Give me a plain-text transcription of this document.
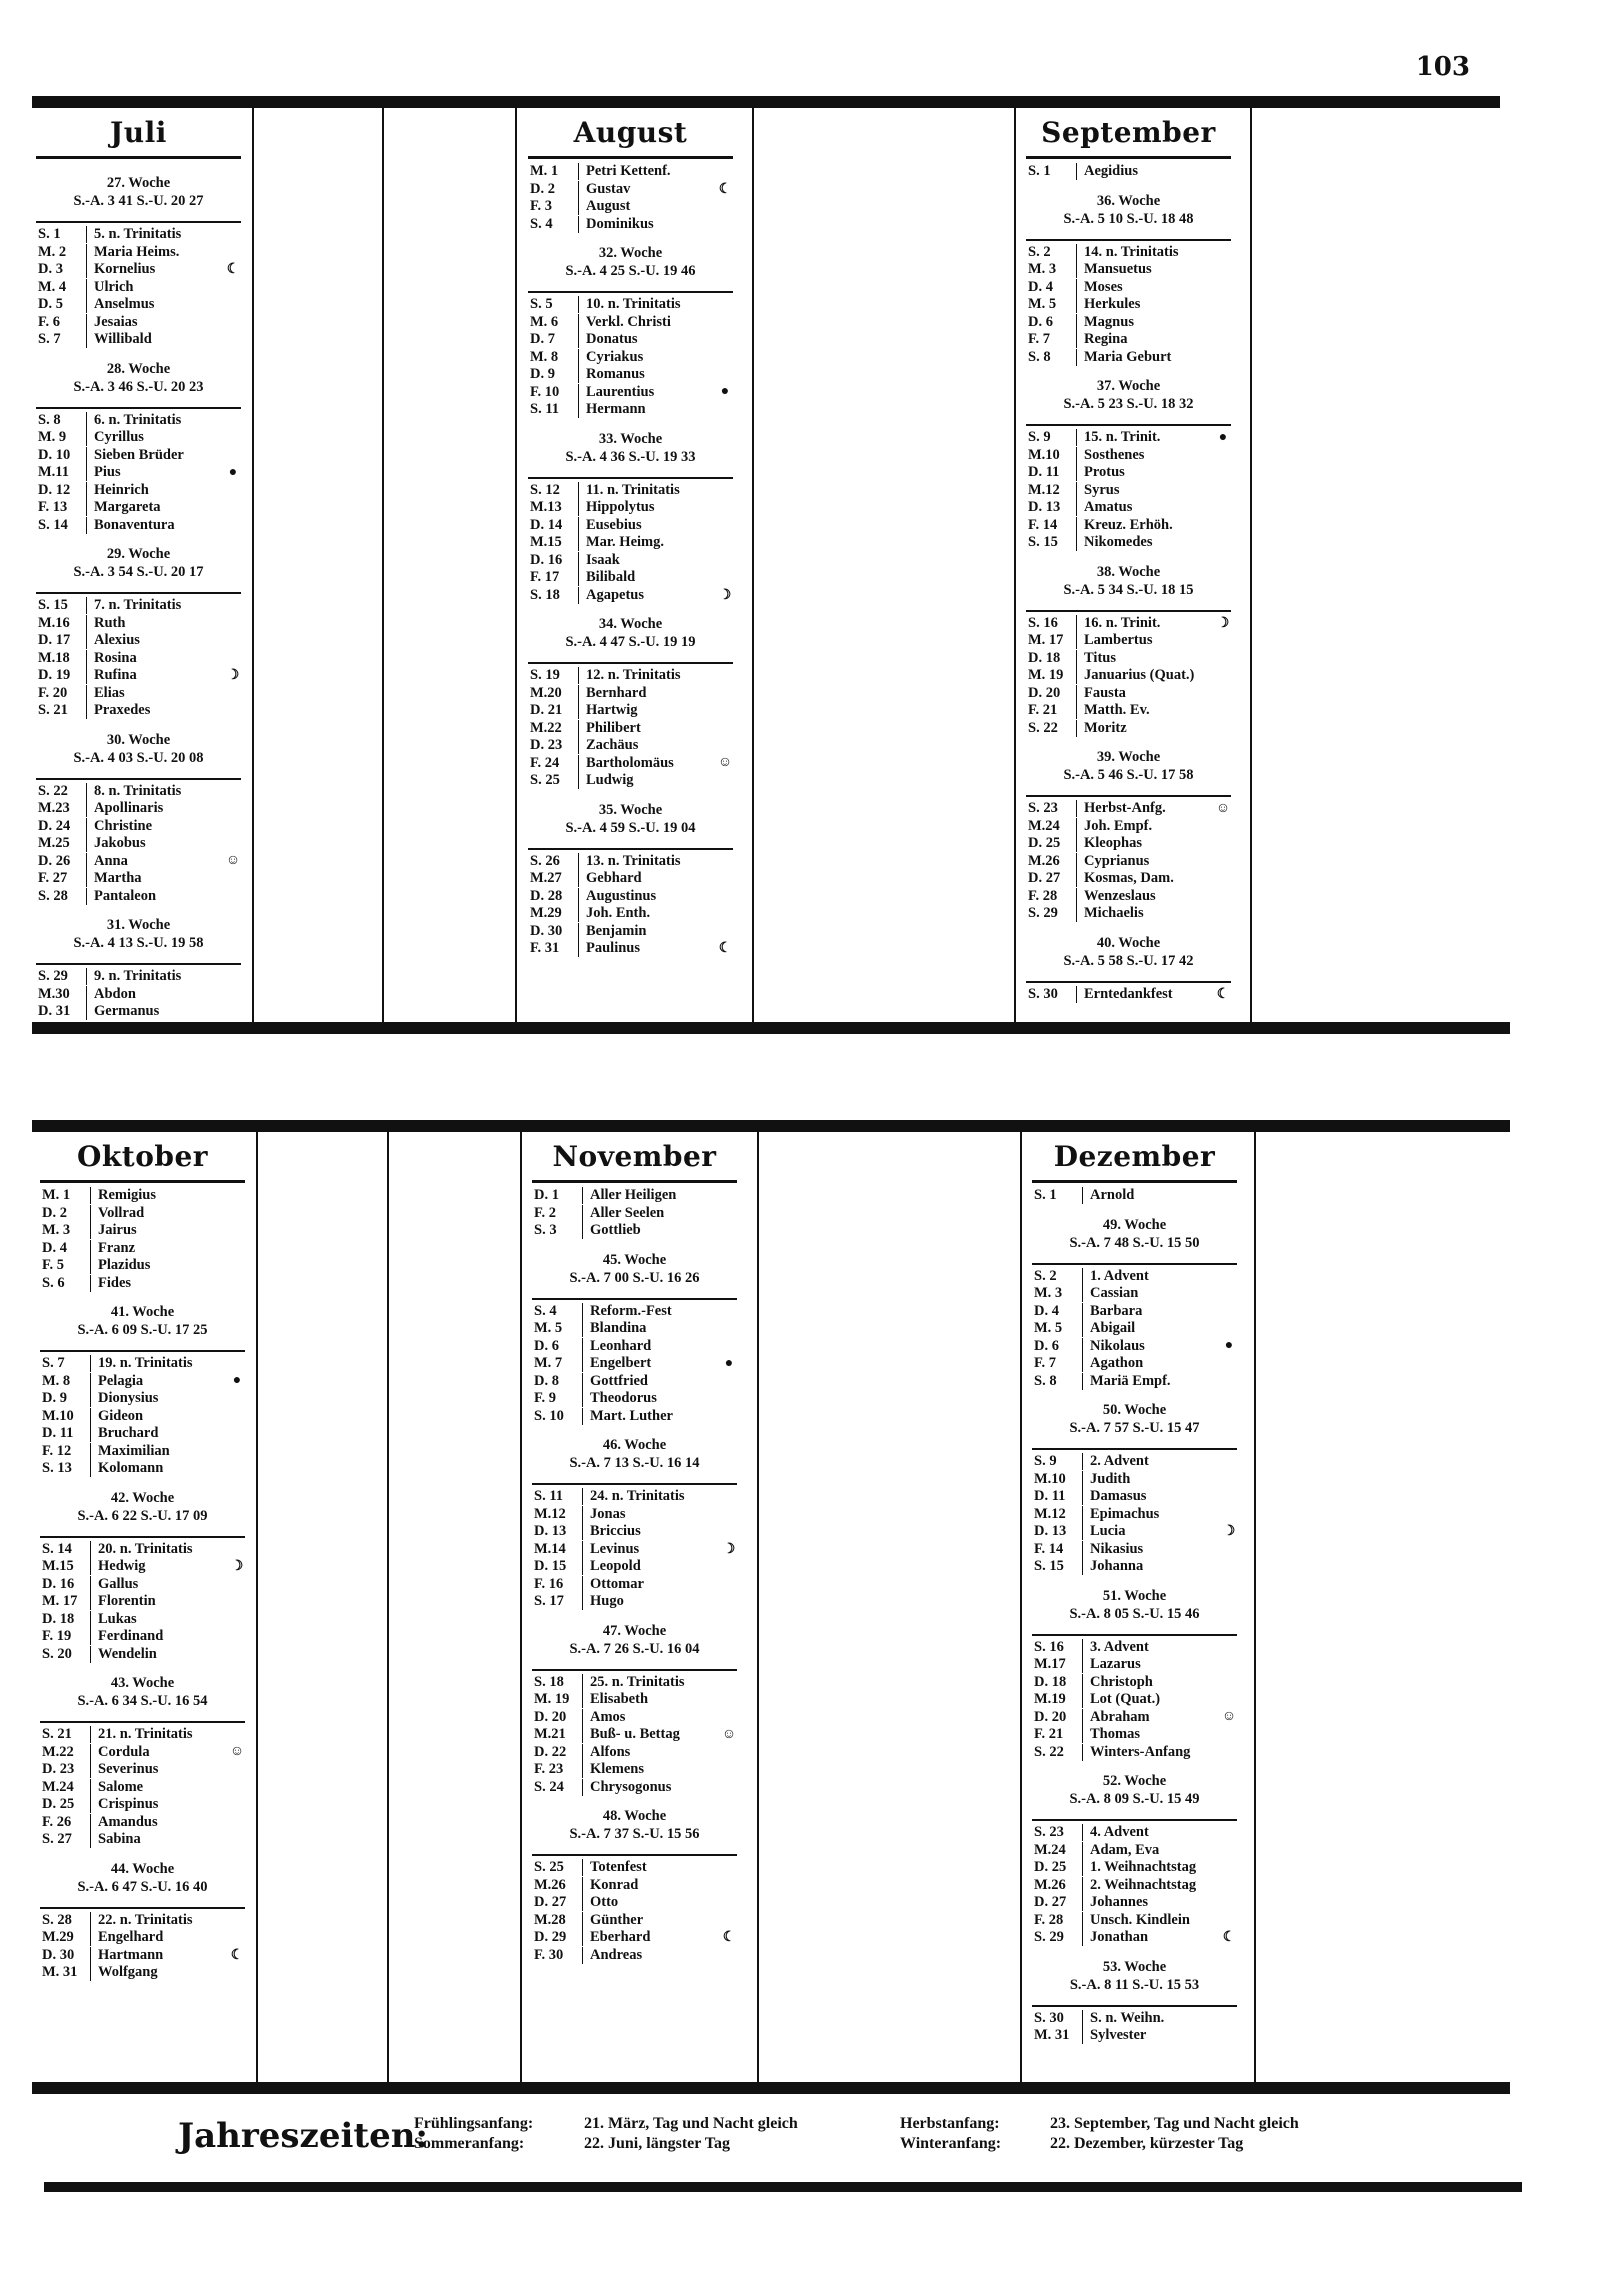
103
Juli
27. Woche
S.-A. 3 41 S.-U. 20 27
S. 1	5. n. Trinitatis
M. 2	Maria Heims.
D. 3	Kornelius	☾
M. 4	Ulrich
D. 5	Anselmus
F. 6	Jesaias
S. 7	Willibald
28. Woche
S.-A. 3 46 S.-U. 20 23
S. 8	6. n. Trinitatis
M. 9	Cyrillus
D. 10	Sieben Brüder
M.11	Pius	●
D. 12	Heinrich
F. 13	Margareta
S. 14	Bonaventura
29. Woche
S.-A. 3 54 S.-U. 20 17
S. 15	7. n. Trinitatis
M.16	Ruth
D. 17	Alexius
M.18	Rosina
D. 19	Rufina	☽
F. 20	Elias
S. 21	Praxedes
30. Woche
S.-A. 4 03 S.-U. 20 08
S. 22	8. n. Trinitatis
M.23	Apollinaris
D. 24	Christine
M.25	Jakobus
D. 26	Anna	☺
F. 27	Martha
S. 28	Pantaleon
31. Woche
S.-A. 4 13 S.-U. 19 58
S. 29	9. n. Trinitatis
M.30	Abdon
D. 31	Germanus
August
M. 1	Petri Kettenf.
D. 2	Gustav	☾
F. 3	August
S. 4	Dominikus
32. Woche
S.-A. 4 25 S.-U. 19 46
S. 5	10. n. Trinitatis
M. 6	Verkl. Christi
D. 7	Donatus
M. 8	Cyriakus
D. 9	Romanus
F. 10	Laurentius	●
S. 11	Hermann
33. Woche
S.-A. 4 36 S.-U. 19 33
S. 12	11. n. Trinitatis
M.13	Hippolytus
D. 14	Eusebius
M.15	Mar. Heimg.
D. 16	Isaak
F. 17	Bilibald
S. 18	Agapetus	☽
34. Woche
S.-A. 4 47 S.-U. 19 19
S. 19	12. n. Trinitatis
M.20	Bernhard
D. 21	Hartwig
M.22	Philibert
D. 23	Zachäus
F. 24	Bartholomäus	☺
S. 25	Ludwig
35. Woche
S.-A. 4 59 S.-U. 19 04
S. 26	13. n. Trinitatis
M.27	Gebhard
D. 28	Augustinus
M.29	Joh. Enth.
D. 30	Benjamin
F. 31	Paulinus	☾
September
S. 1	Aegidius
36. Woche
S.-A. 5 10 S.-U. 18 48
S. 2	14. n. Trinitatis
M. 3	Mansuetus
D. 4	Moses
M. 5	Herkules
D. 6	Magnus
F. 7	Regina
S. 8	Maria Geburt
37. Woche
S.-A. 5 23 S.-U. 18 32
S. 9	15. n. Trinit.	●
M.10	Sosthenes
D. 11	Protus
M.12	Syrus
D. 13	Amatus
F. 14	Kreuz. Erhöh.
S. 15	Nikomedes
38. Woche
S.-A. 5 34 S.-U. 18 15
S. 16	16. n. Trinit.	☽
M. 17	Lambertus
D. 18	Titus
M. 19	Januarius (Quat.)
D. 20	Fausta
F. 21	Matth. Ev.
S. 22	Moritz
39. Woche
S.-A. 5 46 S.-U. 17 58
S. 23	Herbst-Anfg.	☺
M.24	Joh. Empf.
D. 25	Kleophas
M.26	Cyprianus
D. 27	Kosmas, Dam.
F. 28	Wenzeslaus
S. 29	Michaelis
40. Woche
S.-A. 5 58 S.-U. 17 42
S. 30	Erntedankfest	☾
Oktober
M. 1	Remigius
D. 2	Vollrad
M. 3	Jairus
D. 4	Franz
F. 5	Plazidus
S. 6	Fides
41. Woche
S.-A. 6 09 S.-U. 17 25
S. 7	19. n. Trinitatis
M. 8	Pelagia	●
D. 9	Dionysius
M.10	Gideon
D. 11	Bruchard
F. 12	Maximilian
S. 13	Kolomann
42. Woche
S.-A. 6 22 S.-U. 17 09
S. 14	20. n. Trinitatis
M.15	Hedwig	☽
D. 16	Gallus
M. 17	Florentin
D. 18	Lukas
F. 19	Ferdinand
S. 20	Wendelin
43. Woche
S.-A. 6 34 S.-U. 16 54
S. 21	21. n. Trinitatis
M.22	Cordula	☺
D. 23	Severinus
M.24	Salome
D. 25	Crispinus
F. 26	Amandus
S. 27	Sabina
44. Woche
S.-A. 6 47 S.-U. 16 40
S. 28	22. n. Trinitatis
M.29	Engelhard
D. 30	Hartmann	☾
M. 31	Wolfgang
November
D. 1	Aller Heiligen
F. 2	Aller Seelen
S. 3	Gottlieb
45. Woche
S.-A. 7 00 S.-U. 16 26
S. 4	Reform.-Fest
M. 5	Blandina
D. 6	Leonhard
M. 7	Engelbert	●
D. 8	Gottfried
F. 9	Theodorus
S. 10	Mart. Luther
46. Woche
S.-A. 7 13 S.-U. 16 14
S. 11	24. n. Trinitatis
M.12	Jonas
D. 13	Briccius
M.14	Levinus	☽
D. 15	Leopold
F. 16	Ottomar
S. 17	Hugo
47. Woche
S.-A. 7 26 S.-U. 16 04
S. 18	25. n. Trinitatis
M. 19	Elisabeth
D. 20	Amos
M.21	Buß- u. Bettag	☺
D. 22	Alfons
F. 23	Klemens
S. 24	Chrysogonus
48. Woche
S.-A. 7 37 S.-U. 15 56
S. 25	Totenfest
M.26	Konrad
D. 27	Otto
M.28	Günther
D. 29	Eberhard	☾
F. 30	Andreas
Dezember
S. 1	Arnold
49. Woche
S.-A. 7 48 S.-U. 15 50
S. 2	1. Advent
M. 3	Cassian
D. 4	Barbara
M. 5	Abigail
D. 6	Nikolaus	●
F. 7	Agathon
S. 8	Mariä Empf.
50. Woche
S.-A. 7 57 S.-U. 15 47
S. 9	2. Advent
M.10	Judith
D. 11	Damasus
M.12	Epimachus
D. 13	Lucia	☽
F. 14	Nikasius
S. 15	Johanna
51. Woche
S.-A. 8 05 S.-U. 15 46
S. 16	3. Advent
M.17	Lazarus
D. 18	Christoph
M.19	Lot (Quat.)
D. 20	Abraham	☺
F. 21	Thomas
S. 22	Winters-Anfang
52. Woche
S.-A. 8 09 S.-U. 15 49
S. 23	4. Advent
M.24	Adam, Eva
D. 25	1. Weihnachtstag
M.26	2. Weihnachtstag
D. 27	Johannes
F. 28	Unsch. Kindlein
S. 29	Jonathan	☾
53. Woche
S.-A. 8 11 S.-U. 15 53
S. 30	S. n. Weihn.
M. 31	Sylvester
Jahreszeiten:
Frühlingsanfang:	21. März, Tag und Nacht gleich
Sommeranfang:	22. Juni, längster Tag
Herbstanfang:	23. September, Tag und Nacht gleich
Winteranfang:	22. Dezember, kürzester Tag
